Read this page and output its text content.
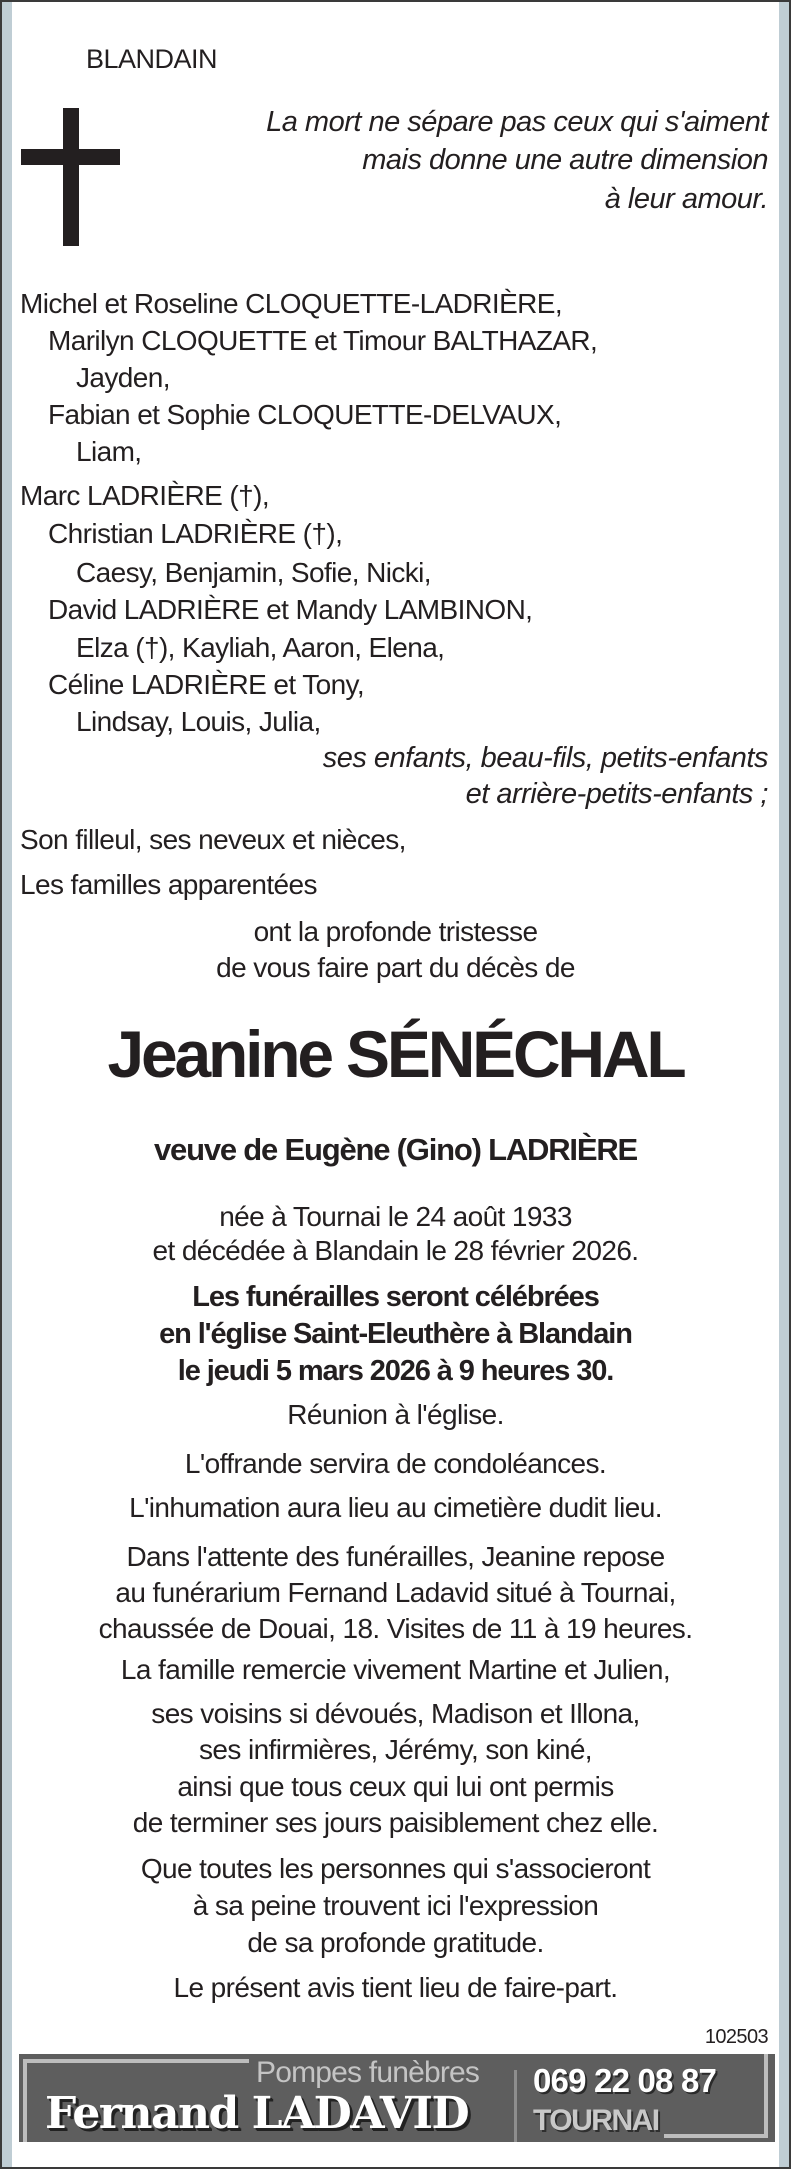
BLANDAIN
La mort ne sépare pas ceux qui s'aiment
mais donne une autre dimension
à leur amour.
Michel et Roseline CLOQUETTE-LADRIÈRE,
Marilyn CLOQUETTE et Timour BALTHAZAR,
Jayden,
Fabian et Sophie CLOQUETTE-DELVAUX,
Liam,
Marc LADRIÈRE (†),
Christian LADRIÈRE (†),
Caesy, Benjamin, Sofie, Nicki,
David LADRIÈRE et Mandy LAMBINON,
Elza (†), Kayliah, Aaron, Elena,
Céline LADRIÈRE et Tony,
Lindsay, Louis, Julia,
ses enfants, beau-fils, petits-enfants
et arrière-petits-enfants ;
Son filleul, ses neveux et nièces,
Les familles apparentées
ont la profonde tristesse
de vous faire part du décès de
Jeanine SÉNÉCHAL
veuve de Eugène (Gino) LADRIÈRE
née à Tournai le 24 août 1933
et décédée à Blandain le 28 février 2026.
Les funérailles seront célébrées
en l'église Saint-Eleuthère à Blandain
le jeudi 5 mars 2026 à 9 heures 30.
Réunion à l'église.
L'offrande servira de condoléances.
L'inhumation aura lieu au cimetière dudit lieu.
Dans l'attente des funérailles, Jeanine repose
au funérarium Fernand Ladavid situé à Tournai,
chaussée de Douai, 18. Visites de 11 à 19 heures.
La famille remercie vivement Martine et Julien,
ses voisins si dévoués, Madison et Illona,
ses infirmières, Jérémy, son kiné,
ainsi que tous ceux qui lui ont permis
de terminer ses jours paisiblement chez elle.
Que toutes les personnes qui s'associeront
à sa peine trouvent ici l'expression
de sa profonde gratitude.
Le présent avis tient lieu de faire-part.
102503
Pompes funèbres
Fernand LADAVID
069 22 08 87
TOURNAI
